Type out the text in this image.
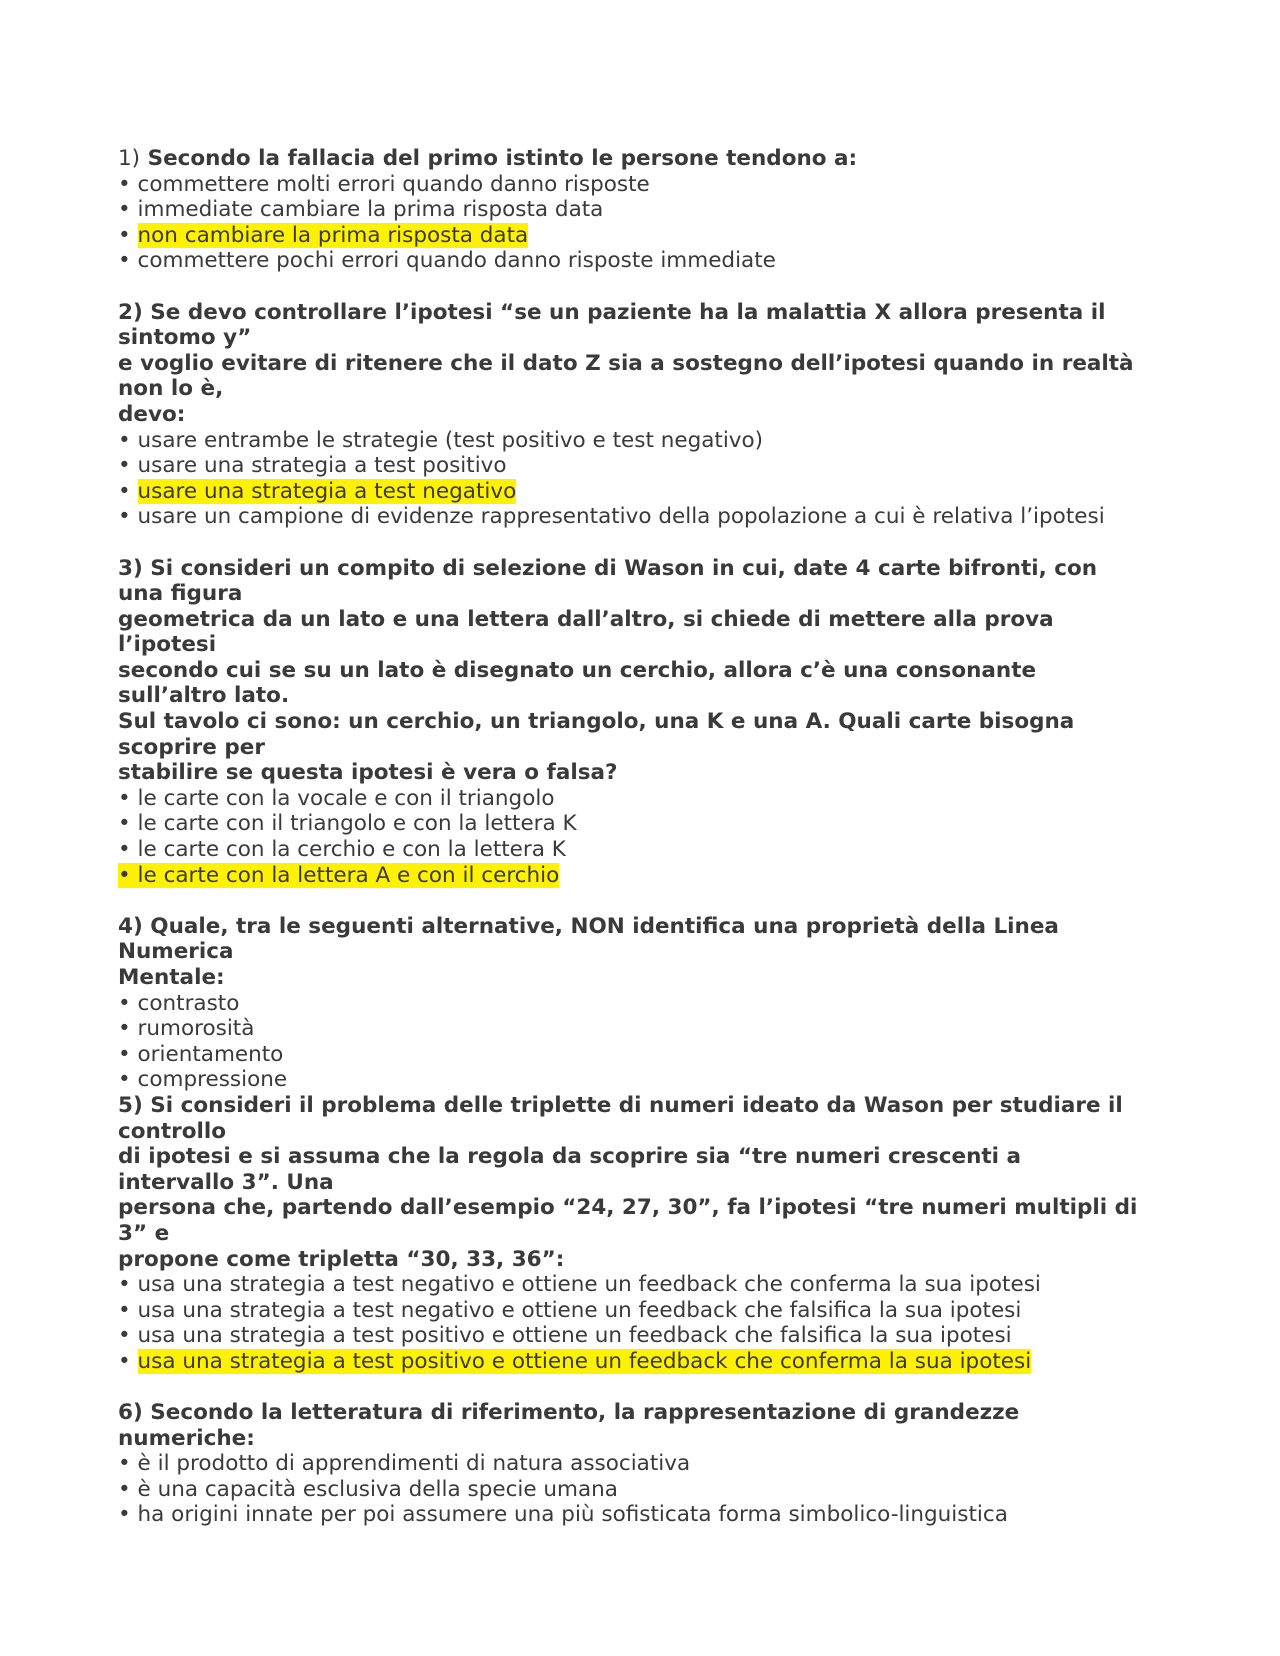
1) Secondo la fallacia del primo istinto le persone tendono a:
• commettere molti errori quando danno risposte
• immediate cambiare la prima risposta data
• non cambiare la prima risposta data
• commettere pochi errori quando danno risposte immediate
2) Se devo controllare l’ipotesi “se un paziente ha la malattia X allora presenta il
sintomo y”
e voglio evitare di ritenere che il dato Z sia a sostegno dell’ipotesi quando in realtà
non lo è,
devo:
• usare entrambe le strategie (test positivo e test negativo)
• usare una strategia a test positivo
• usare una strategia a test negativo
• usare un campione di evidenze rappresentativo della popolazione a cui è relativa l’ipotesi
3) Si consideri un compito di selezione di Wason in cui, date 4 carte bifronti, con
una figura
geometrica da un lato e una lettera dall’altro, si chiede di mettere alla prova
l’ipotesi
secondo cui se su un lato è disegnato un cerchio, allora c’è una consonante
sull’altro lato.
Sul tavolo ci sono: un cerchio, un triangolo, una K e una A. Quali carte bisogna
scoprire per
stabilire se questa ipotesi è vera o falsa?
• le carte con la vocale e con il triangolo
• le carte con il triangolo e con la lettera K
• le carte con la cerchio e con la lettera K
• le carte con la lettera A e con il cerchio
4) Quale, tra le seguenti alternative, NON identifica una proprietà della Linea
Numerica
Mentale:
• contrasto
• rumorosità
• orientamento
• compressione
5) Si consideri il problema delle triplette di numeri ideato da Wason per studiare il
controllo
di ipotesi e si assuma che la regola da scoprire sia “tre numeri crescenti a
intervallo 3”. Una
persona che, partendo dall’esempio “24, 27, 30”, fa l’ipotesi “tre numeri multipli di
3” e
propone come tripletta “30, 33, 36”:
• usa una strategia a test negativo e ottiene un feedback che conferma la sua ipotesi
• usa una strategia a test negativo e ottiene un feedback che falsifica la sua ipotesi
• usa una strategia a test positivo e ottiene un feedback che falsifica la sua ipotesi
• usa una strategia a test positivo e ottiene un feedback che conferma la sua ipotesi
6) Secondo la letteratura di riferimento, la rappresentazione di grandezze
numeriche:
• è il prodotto di apprendimenti di natura associativa
• è una capacità esclusiva della specie umana
• ha origini innate per poi assumere una più sofisticata forma simbolico-linguistica
